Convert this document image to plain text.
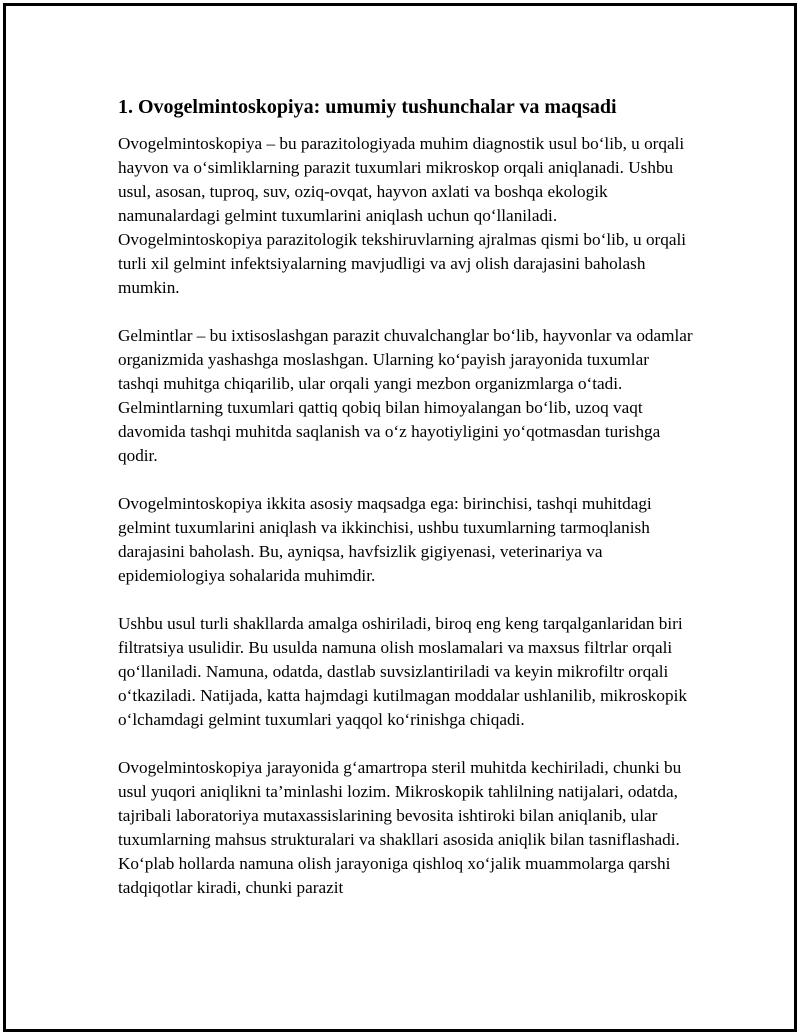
1. Ovogelmintoskopiya: umumiy tushunchalar va maqsadi

Ovogelmintoskopiya – bu parazitologiyada muhim diagnostik usul bo‘lib, u orqali hayvon va o‘simliklarning parazit tuxumlari mikroskop orqali aniqlanadi. Ushbu usul, asosan, tuproq, suv, oziq-ovqat, hayvon axlati va boshqa ekologik namunalardagi gelmint tuxumlarini aniqlash uchun qo‘llaniladi. Ovogelmintoskopiya parazitologik tekshiruvlarning ajralmas qismi bo‘lib, u orqali turli xil gelmint infektsiyalarning mavjudligi va avj olish darajasini baholash mumkin.

Gelmintlar – bu ixtisoslashgan parazit chuvalchanglar bo‘lib, hayvonlar va odamlar organizmida yashashga moslashgan. Ularning ko‘payish jarayonida tuxumlar tashqi muhitga chiqarilib, ular orqali yangi mezbon organizmlarga o‘tadi. Gelmintlarning tuxumlari qattiq qobiq bilan himoyalangan bo‘lib, uzoq vaqt davomida tashqi muhitda saqlanish va o‘z hayotiyligini yo‘qotmasdan turishga qodir.

Ovogelmintoskopiya ikkita asosiy maqsadga ega: birinchisi, tashqi muhitdagi gelmint tuxumlarini aniqlash va ikkinchisi, ushbu tuxumlarning tarmoqlanish darajasini baholash. Bu, ayniqsa, havfsizlik gigiyenasi, veterinariya va epidemiologiya sohalarida muhimdir.

Ushbu usul turli shakllarda amalga oshiriladi, biroq eng keng tarqalganlaridan biri filtratsiya usulidir. Bu usulda namuna olish moslamalari va maxsus filtrlar orqali qo‘llaniladi. Namuna, odatda, dastlab suvsizlantiriladi va keyin mikrofiltr orqali o‘tkaziladi. Natijada, katta hajmdagi kutilmagan moddalar ushlanilib, mikroskopik o‘lchamdagi gelmint tuxumlari yaqqol ko‘rinishga chiqadi.

Ovogelmintoskopiya jarayonida g‘amartropa steril muhitda kechiriladi, chunki bu usul yuqori aniqlikni ta’minlashi lozim. Mikroskopik tahlilning natijalari, odatda, tajribali laboratoriya mutaxassislarining bevosita ishtiroki bilan aniqlanib, ular tuxumlarning mahsus strukturalari va shakllari asosida aniqlik bilan tasniflashadi. Ko‘plab hollarda namuna olish jarayoniga qishloq xo‘jalik muammolarga qarshi tadqiqotlar kiradi, chunki parazit
